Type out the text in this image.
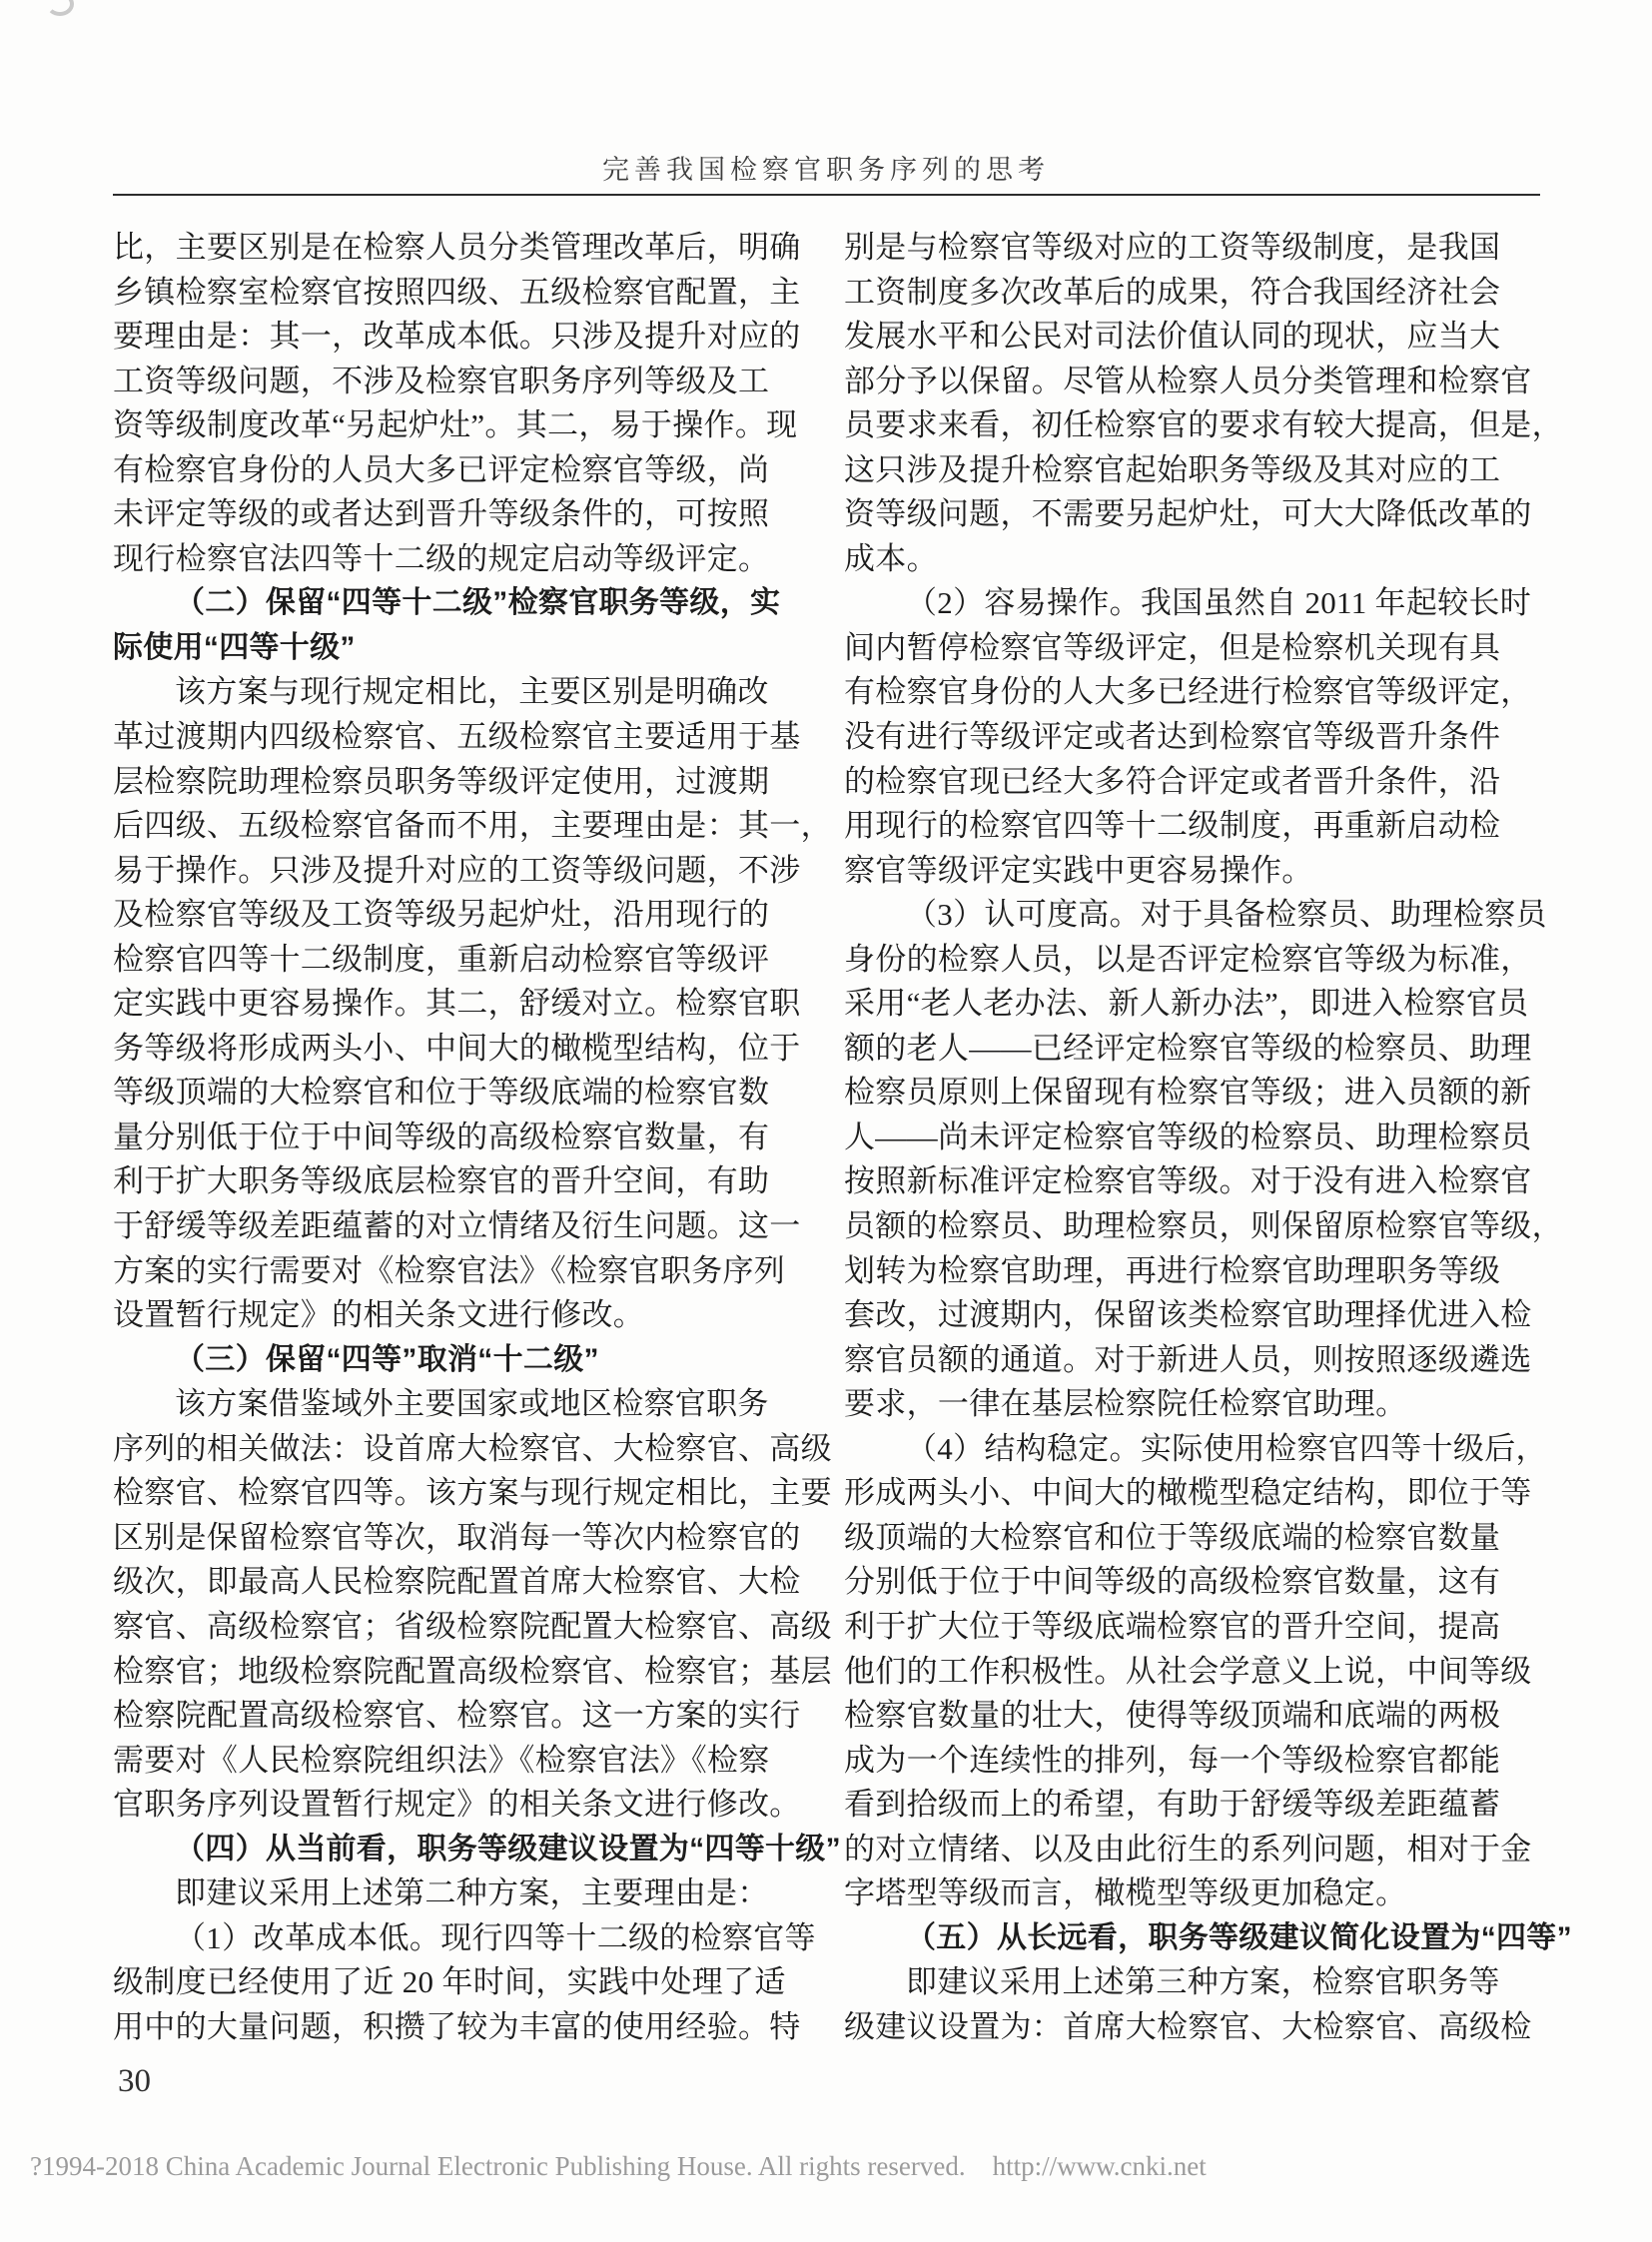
完善我国检察官职务序列的思考
比，主要区别是在检察人员分类管理改革后，明确
乡镇检察室检察官按照四级、五级检察官配置，主
要理由是：其一，改革成本低。只涉及提升对应的
工资等级问题，不涉及检察官职务序列等级及工
资等级制度改革“另起炉灶”。其二，易于操作。现
有检察官身份的人员大多已评定检察官等级，尚
未评定等级的或者达到晋升等级条件的，可按照
现行检察官法四等十二级的规定启动等级评定。
（二）保留“四等十二级”检察官职务等级，实
际使用“四等十级”
该方案与现行规定相比，主要区别是明确改
革过渡期内四级检察官、五级检察官主要适用于基
层检察院助理检察员职务等级评定使用，过渡期
后四级、五级检察官备而不用，主要理由是：其一，
易于操作。只涉及提升对应的工资等级问题，不涉
及检察官等级及工资等级另起炉灶，沿用现行的
检察官四等十二级制度，重新启动检察官等级评
定实践中更容易操作。其二，舒缓对立。检察官职
务等级将形成两头小、中间大的橄榄型结构，位于
等级顶端的大检察官和位于等级底端的检察官数
量分别低于位于中间等级的高级检察官数量，有
利于扩大职务等级底层检察官的晋升空间，有助
于舒缓等级差距蕴蓄的对立情绪及衍生问题。这一
方案的实行需要对《检察官法》《检察官职务序列
设置暂行规定》的相关条文进行修改。
（三）保留“四等”取消“十二级”
该方案借鉴域外主要国家或地区检察官职务
序列的相关做法：设首席大检察官、大检察官、高级
检察官、检察官四等。该方案与现行规定相比，主要
区别是保留检察官等次，取消每一等次内检察官的
级次，即最高人民检察院配置首席大检察官、大检
察官、高级检察官；省级检察院配置大检察官、高级
检察官；地级检察院配置高级检察官、检察官；基层
检察院配置高级检察官、检察官。这一方案的实行
需要对《人民检察院组织法》《检察官法》《检察
官职务序列设置暂行规定》的相关条文进行修改。
（四）从当前看，职务等级建议设置为“四等十级”
即建议采用上述第二种方案，主要理由是：
（1）改革成本低。现行四等十二级的检察官等
级制度已经使用了近 20 年时间，实践中处理了适
用中的大量问题，积攒了较为丰富的使用经验。特
别是与检察官等级对应的工资等级制度，是我国
工资制度多次改革后的成果，符合我国经济社会
发展水平和公民对司法价值认同的现状，应当大
部分予以保留。尽管从检察人员分类管理和检察官
员要求来看，初任检察官的要求有较大提高，但是，
这只涉及提升检察官起始职务等级及其对应的工
资等级问题，不需要另起炉灶，可大大降低改革的
成本。
（2）容易操作。我国虽然自 2011 年起较长时
间内暂停检察官等级评定，但是检察机关现有具
有检察官身份的人大多已经进行检察官等级评定，
没有进行等级评定或者达到检察官等级晋升条件
的检察官现已经大多符合评定或者晋升条件，沿
用现行的检察官四等十二级制度，再重新启动检
察官等级评定实践中更容易操作。
（3）认可度高。对于具备检察员、助理检察员
身份的检察人员，以是否评定检察官等级为标准，
采用“老人老办法、新人新办法”，即进入检察官员
额的老人——已经评定检察官等级的检察员、助理
检察员原则上保留现有检察官等级；进入员额的新
人——尚未评定检察官等级的检察员、助理检察员
按照新标准评定检察官等级。对于没有进入检察官
员额的检察员、助理检察员，则保留原检察官等级，
划转为检察官助理，再进行检察官助理职务等级
套改，过渡期内，保留该类检察官助理择优进入检
察官员额的通道。对于新进人员，则按照逐级遴选
要求，一律在基层检察院任检察官助理。
（4）结构稳定。实际使用检察官四等十级后，
形成两头小、中间大的橄榄型稳定结构，即位于等
级顶端的大检察官和位于等级底端的检察官数量
分别低于位于中间等级的高级检察官数量，这有
利于扩大位于等级底端检察官的晋升空间，提高
他们的工作积极性。从社会学意义上说，中间等级
检察官数量的壮大，使得等级顶端和底端的两极
成为一个连续性的排列，每一个等级检察官都能
看到拾级而上的希望，有助于舒缓等级差距蕴蓄
的对立情绪、以及由此衍生的系列问题，相对于金
字塔型等级而言，橄榄型等级更加稳定。
（五）从长远看，职务等级建议简化设置为“四等”
即建议采用上述第三种方案，检察官职务等
级建议设置为：首席大检察官、大检察官、高级检
30
?1994-2018 China Academic Journal Electronic Publishing House. All rights reserved.    http://www.cnki.net
